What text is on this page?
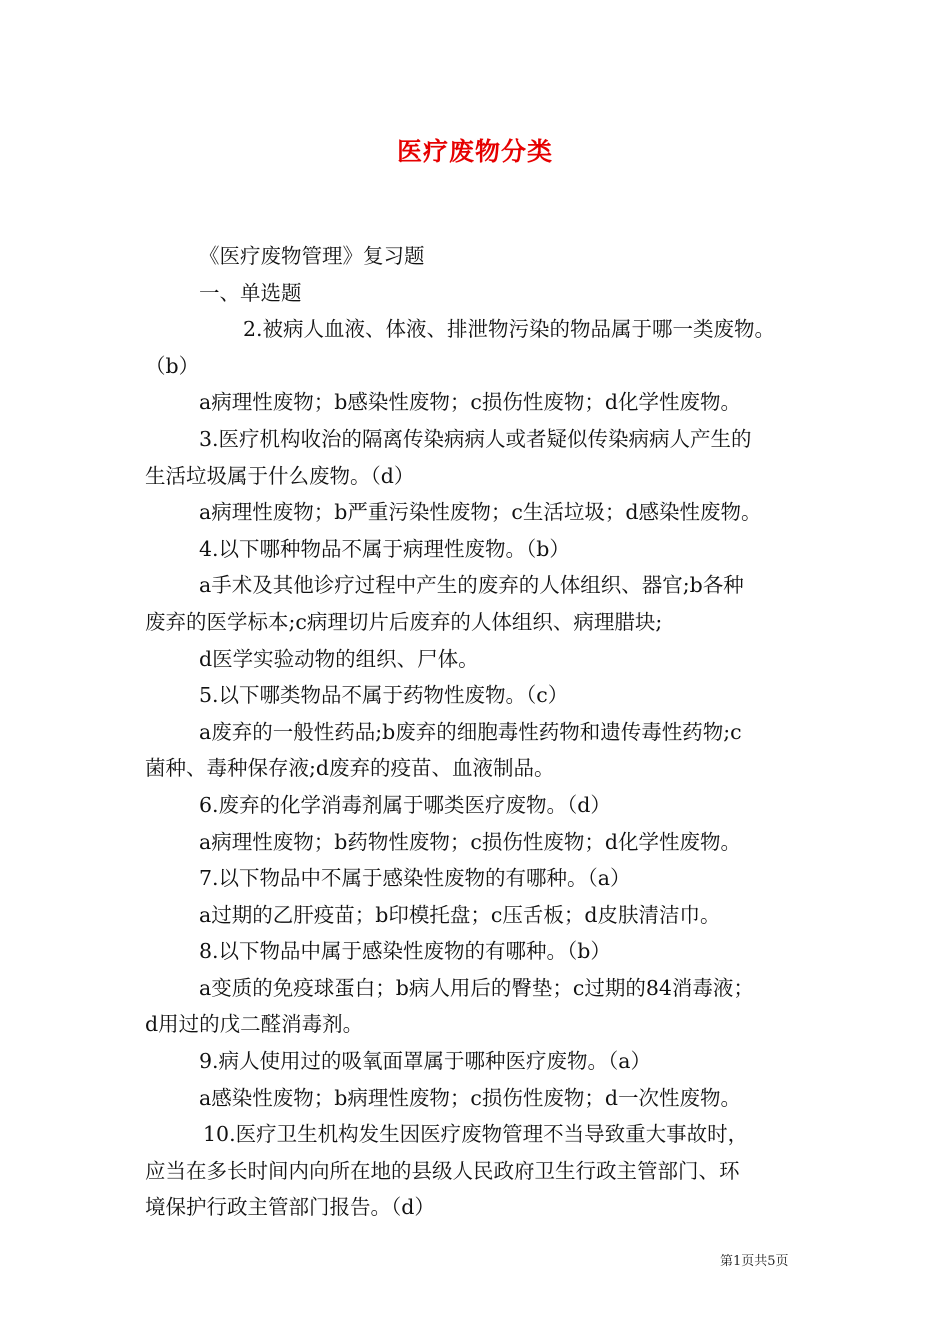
医疗废物分类
《医疗废物管理》复习题
一、单选题
2.被病人血液、体液、排泄物污染的物品属于哪一类废物。
（b）
a病理性废物；b感染性废物；c损伤性废物；d化学性废物。
3.医疗机构收治的隔离传染病病人或者疑似传染病病人产生的
生活垃圾属于什么废物。（d）
a病理性废物；b严重污染性废物；c生活垃圾；d感染性废物。
4.以下哪种物品不属于病理性废物。（b）
a手术及其他诊疗过程中产生的废弃的人体组织、器官;b各种
废弃的医学标本;c病理切片后废弃的人体组织、病理腊块;
d医学实验动物的组织、尸体。
5.以下哪类物品不属于药物性废物。（c）
a废弃的一般性药品;b废弃的细胞毒性药物和遗传毒性药物;c
菌种、毒种保存液;d废弃的疫苗、血液制品。
6.废弃的化学消毒剂属于哪类医疗废物。（d）
a病理性废物；b药物性废物；c损伤性废物；d化学性废物。
7.以下物品中不属于感染性废物的有哪种。（a）
a过期的乙肝疫苗；b印模托盘；c压舌板；d皮肤清洁巾。
8.以下物品中属于感染性废物的有哪种。（b）
a变质的免疫球蛋白；b病人用后的臀垫；c过期的84消毒液；
d用过的戊二醛消毒剂。
9.病人使用过的吸氧面罩属于哪种医疗废物。（a）
a感染性废物；b病理性废物；c损伤性废物；d一次性废物。
10.医疗卫生机构发生因医疗废物管理不当导致重大事故时，
应当在多长时间内向所在地的县级人民政府卫生行政主管部门、环
境保护行政主管部门报告。（d）
第1页共5页
